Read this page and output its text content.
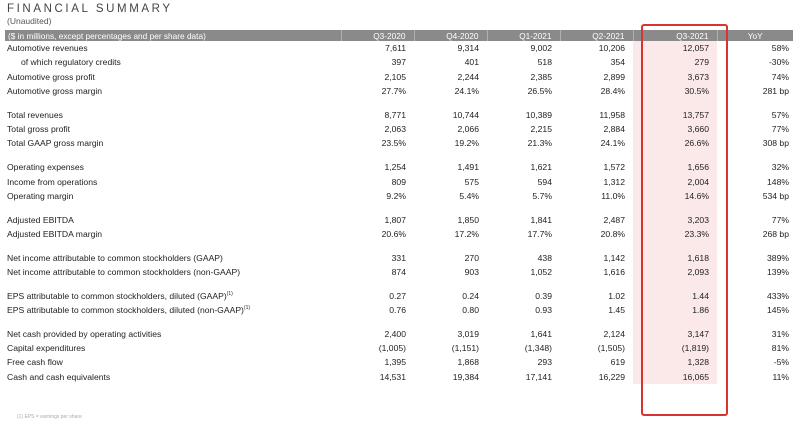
FINANCIAL SUMMARY
(Unaudited)
($ in millions, except percentages and per share data)	Q3-2020	Q4-2020	Q1-2021	Q2-2021	Q3-2021	YoY
Automotive revenues	7,611	9,314	9,002	10,206	12,057	58%
of which regulatory credits	397	401	518	354	279	-30%
Automotive gross profit	2,105	2,244	2,385	2,899	3,673	74%
Automotive gross margin	27.7%	24.1%	26.5%	28.4%	30.5%	281 bp

Total revenues	8,771	10,744	10,389	11,958	13,757	57%
Total gross profit	2,063	2,066	2,215	2,884	3,660	77%
Total GAAP gross margin	23.5%	19.2%	21.3%	24.1%	26.6%	308 bp

Operating expenses	1,254	1,491	1,621	1,572	1,656	32%
Income from operations	809	575	594	1,312	2,004	148%
Operating margin	9.2%	5.4%	5.7%	11.0%	14.6%	534 bp

Adjusted EBITDA	1,807	1,850	1,841	2,487	3,203	77%
Adjusted EBITDA margin	20.6%	17.2%	17.7%	20.8%	23.3%	268 bp

Net income attributable to common stockholders (GAAP)	331	270	438	1,142	1,618	389%
Net income attributable to common stockholders (non-GAAP)	874	903	1,052	1,616	2,093	139%

EPS attributable to common stockholders, diluted (GAAP)$^{(1)}$	0.27	0.24	0.39	1.02	1.44	433%
EPS attributable to common stockholders, diluted (non-GAAP)$^{(1)}$	0.76	0.80	0.93	1.45	1.86	145%

Net cash provided by operating activities	2,400	3,019	1,641	2,124	3,147	31%
Capital expenditures	(1,005)	(1,151)	(1,348)	(1,505)	(1,819)	81%
Free cash flow	1,395	1,868	293	619	1,328	-5%
Cash and cash equivalents	14,531	19,384	17,141	16,229	16,065	11%
(1) EPS = earnings per share
